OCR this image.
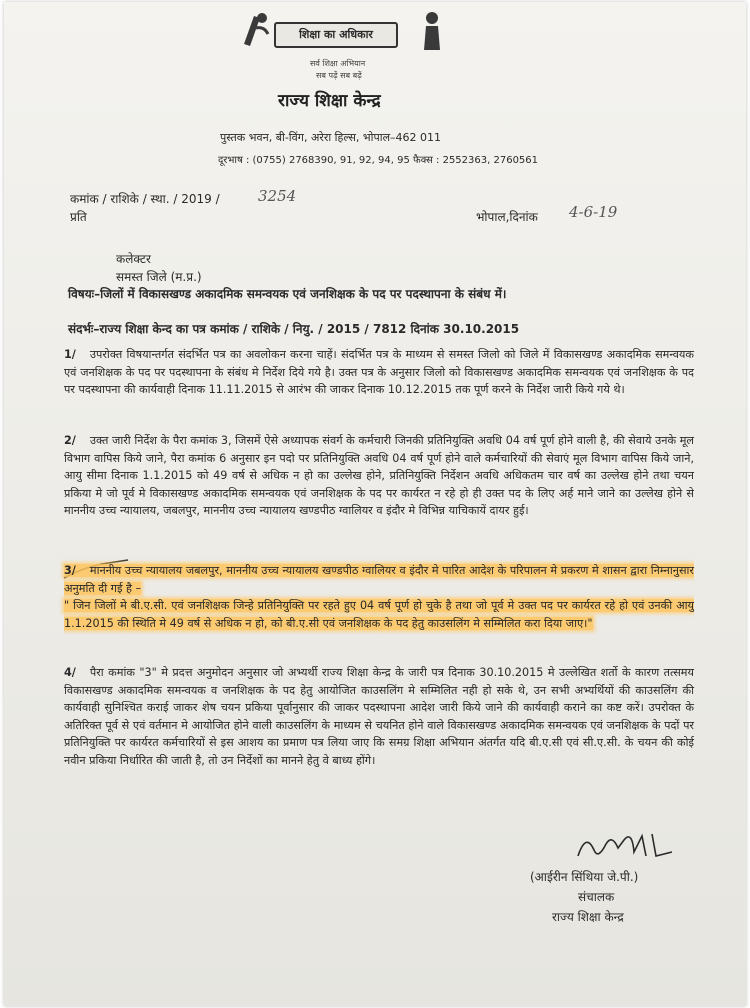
शिक्षा का अधिकार
सर्व शिक्षा अभियान
सब पढ़ें सब बढ़ें
राज्य शिक्षा केन्द्र
पुस्तक भवन, बी-विंग, अरेरा हिल्स, भोपाल–462 011
दूरभाष : (0755) 2768390, 91, 92, 94, 95 फैक्स : 2552363, 2760561
कमांक / राशिके / स्था. / 2019 /	3254
प्रति	भोपाल,दिनांक 4-6-19
कलेक्टर
समस्त जिले (म.प्र.)
विषयः–जिलों में विकासखण्ड अकादमिक समन्वयक एवं जनशिक्षक के पद पर पदस्थापना के संबंध में।
संदर्भः–राज्य शिक्षा केन्द का पत्र कमांक / राशिके / नियु. / 2015 / 7812 दिनांक 30.10.2015
1/ उपरोक्त विषयान्तर्गत संदर्भित पत्र का अवलोकन करना चाहें। संदर्भित पत्र के माध्यम से समस्त जिलो को जिले में विकासखण्ड अकादमिक समन्वयक एवं जनशिक्षक के पद पर पदस्थापना के संबंध मे निर्देश दिये गये है। उक्त पत्र के अनुसार जिलो को विकासखण्ड अकादमिक समन्वयक एवं जनशिक्षक के पद पर पदस्थापना की कार्यवाही दिनाक 11.11.2015 से आरंभ की जाकर दिनाक 10.12.2015 तक पूर्ण करने के निर्देश जारी किये गये थे।
2/ उक्त जारी निर्देश के पैरा कमांक 3, जिसमें ऐसे अध्यापक संवर्ग के कर्मचारी जिनकी प्रतिनियुक्ति अवधि 04 वर्ष पूर्ण होने वाली है, की सेवाये उनके मूल विभाग वापिस किये जाने, पैरा कमांक 6 अनुसार इन पदो पर प्रतिनियुक्ति अवधि 04 वर्ष पूर्ण होने वाले कर्मचारियों की सेवाएं मूल विभाग वापिस किये जाने, आयु सीमा दिनाक 1.1.2015 को 49 वर्ष से अधिक न हो का उल्लेख होने, प्रतिनियुक्ति निर्देशन अवधि अधिकतम चार वर्ष का उल्लेख होने तथा चयन प्रकिया मे जो पूर्व मे विकासखण्ड अकादमिक समन्वयक एवं जनशिक्षक के पद पर कार्यरत न रहे हो ही उक्त पद के लिए अर्ह माने जाने का उल्लेख होने से माननीय उच्च न्यायालय, जबलपुर, माननीय उच्च न्यायालय खण्डपीठ ग्वालियर व इंदौर मे विभिन्न याचिकायें दायर हुई।
3/ माननीय उच्च न्यायालय जबलपुर, माननीय उच्च न्यायालय खण्डपीठ ग्वालियर व इंदौर मे पारित आदेश के परिपालन मे प्रकरण मे शासन द्वारा निम्नानुसार अनुमति दी गई है –
" जिन जिलों मे बी.ए.सी. एवं जनशिक्षक जिन्हे प्रतिनियुक्ति पर रहते हुए 04 वर्ष पूर्ण हो चुके है तथा जो पूर्व मे उक्त पद पर कार्यरत रहे हो एवं उनकी आयु 1.1.2015 की स्थिति मे 49 वर्ष से अधिक न हो, को बी.ए.सी एवं जनशिक्षक के पद हेतु काउसलिंग मे सम्मिलित करा दिया जाए।"
4/ पैरा कमांक "3" मे प्रदत्त अनुमोदन अनुसार जो अभ्यर्थी राज्य शिक्षा केन्द्र के जारी पत्र दिनाक 30.10.2015 मे उल्लेखित शर्तो के कारण तत्समय विकासखण्ड अकादमिक समन्वयक व जनशिक्षक के पद हेतु आयोजित काउसलिंग मे सम्मिलित नही हो सके थे, उन सभी अभ्यर्थियों की काउसलिंग की कार्यवाही सुनिश्चित कराई जाकर शेष चयन प्रकिया पूर्वानुसार की जाकर पदस्थापना आदेश जारी किये जाने की कार्यवाही कराने का कष्ट करें। उपरोक्त के अतिरिक्त पूर्व से एवं वर्तमान मे आयोजित होने वाली काउसलिंग के माध्यम से चयनित होने वाले विकासखण्ड अकादमिक समन्वयक एवं जनशिक्षक के पदों पर प्रतिनियुक्ति पर कार्यरत कर्मचारियों से इस आशय का प्रमाण पत्र लिया जाए कि समग्र शिक्षा अभियान अंतर्गत यदि बी.ए.सी एवं सी.ए.सी. के चयन की कोई नवीन प्रकिया निर्धारित की जाती है, तो उन निर्देशों का मानने हेतु वे बाध्य होंगे।
(आईरीन सिंथिया जे.पी.)
संचालक
राज्य शिक्षा केन्द्र
